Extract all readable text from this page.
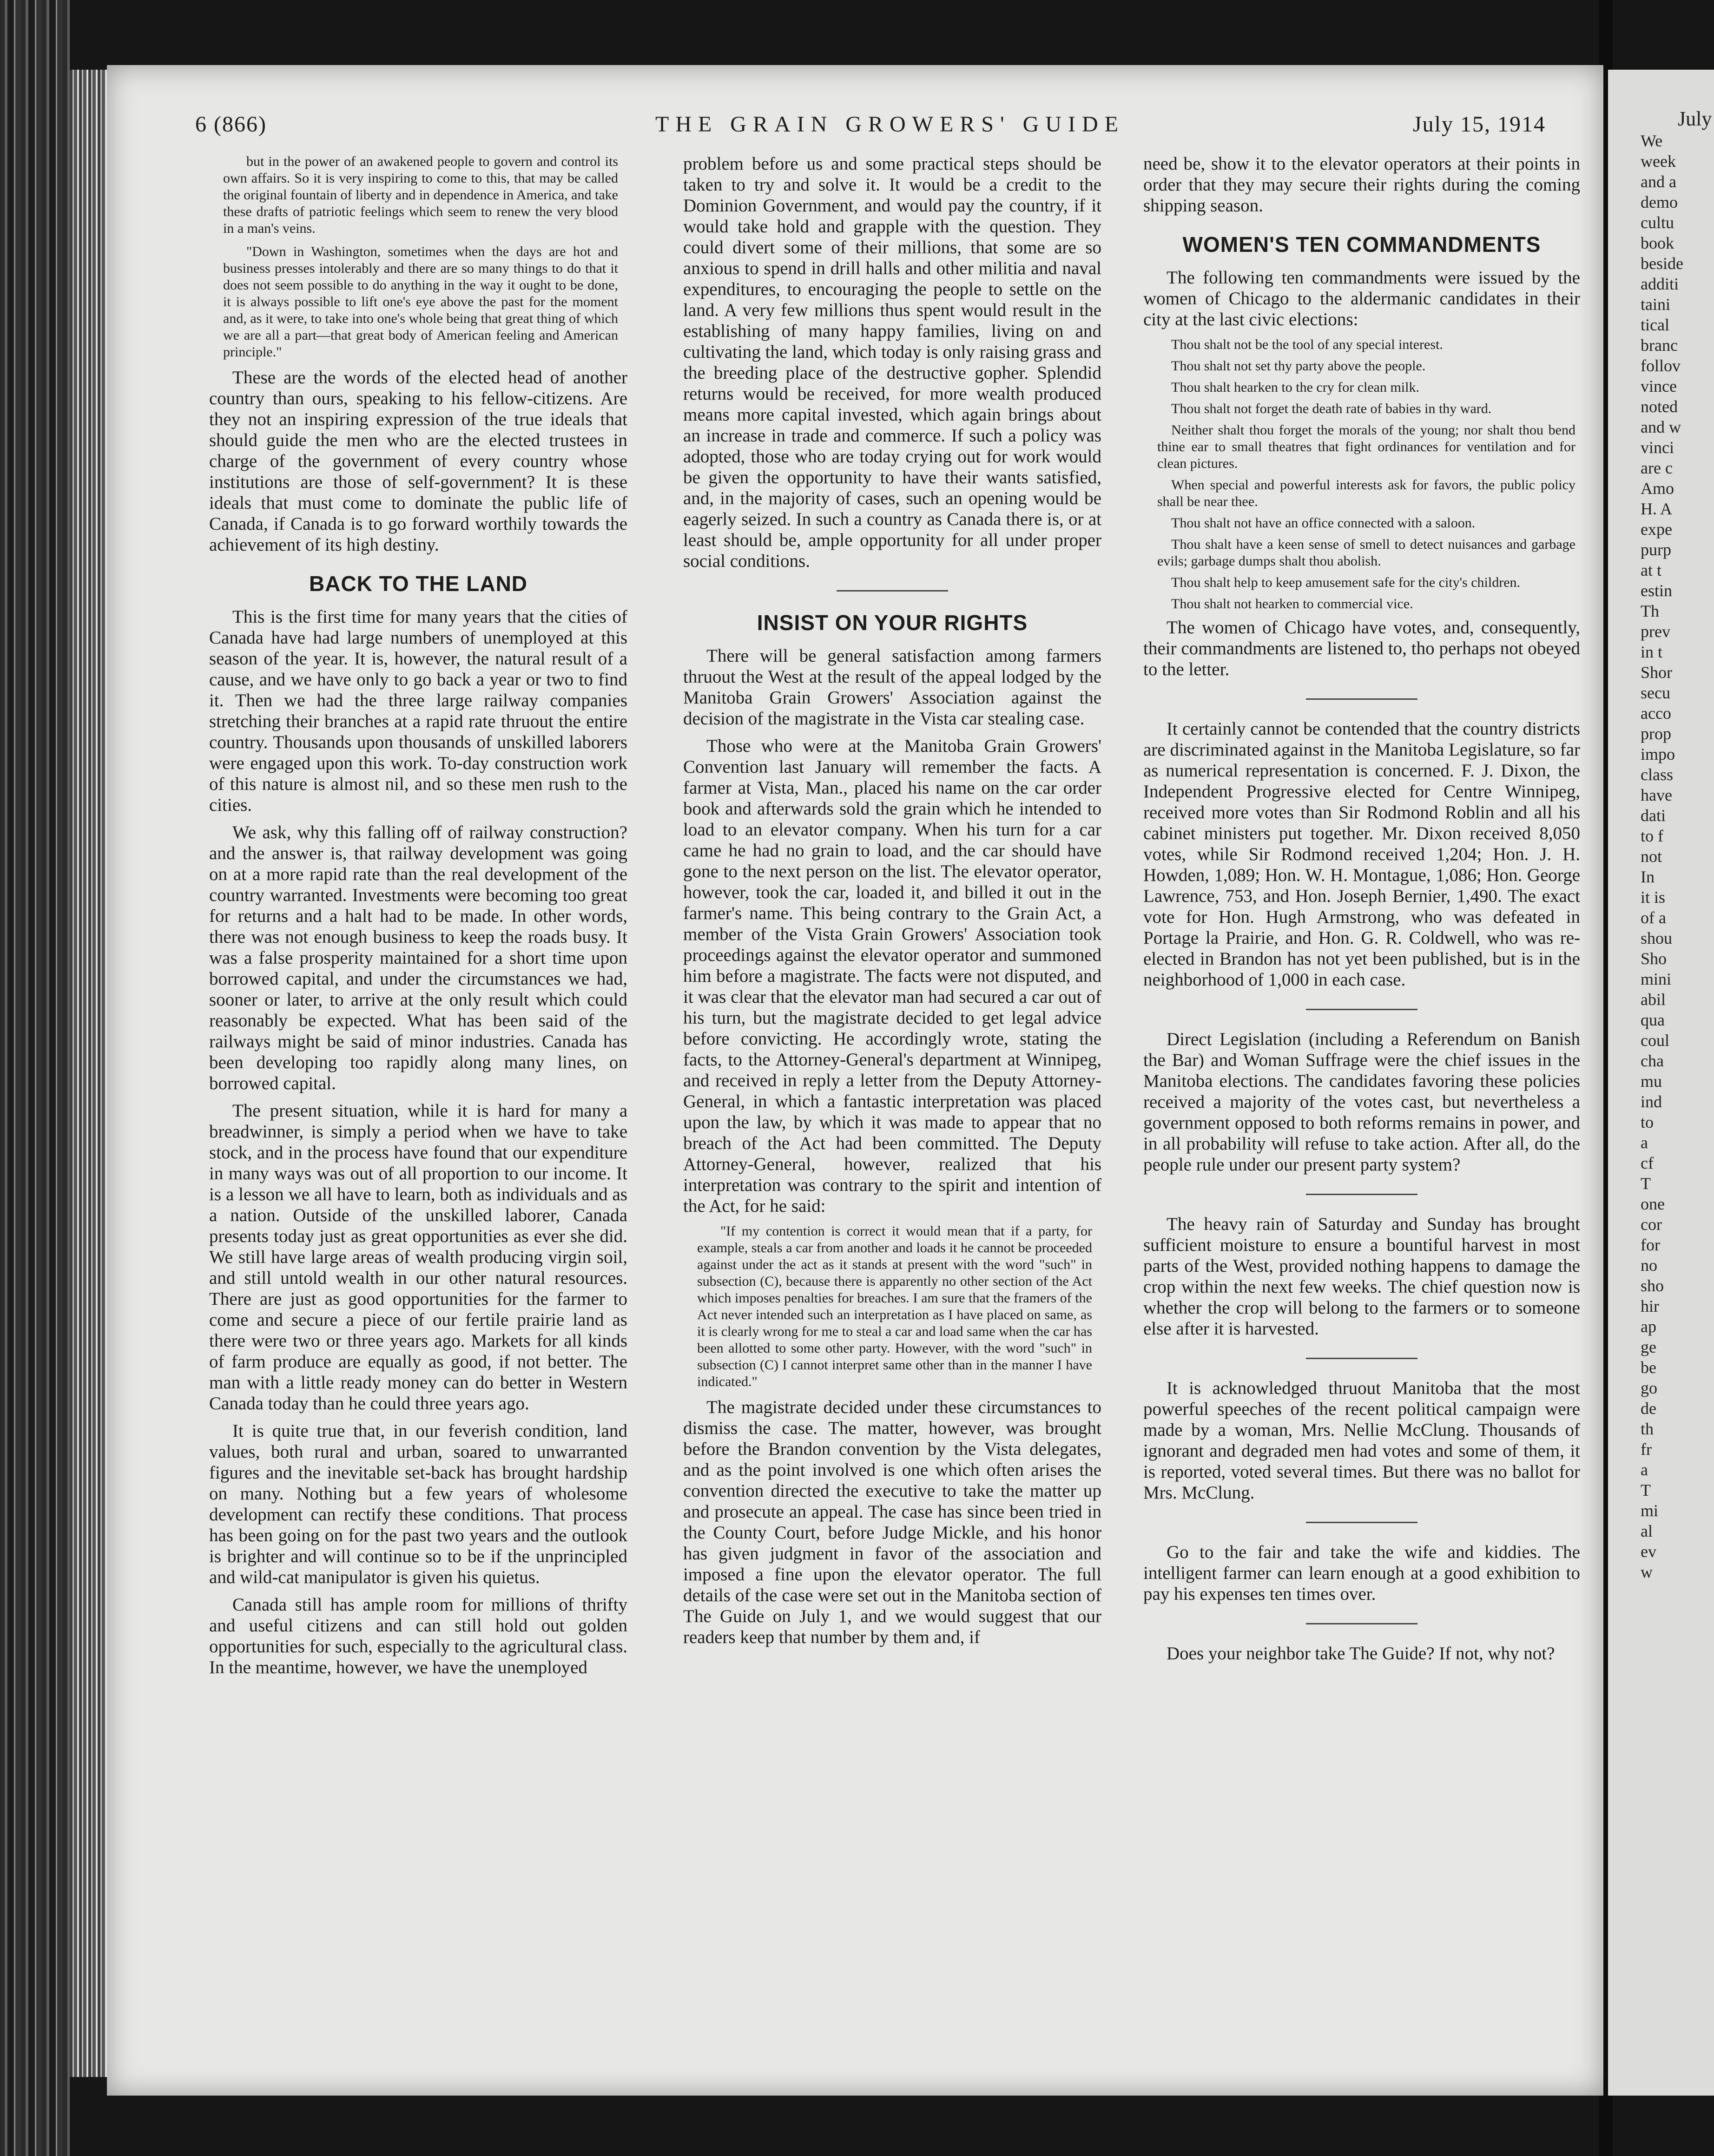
6 (866)	THE GRAIN GROWERS' GUIDE	July 15, 1914

but in the power of an awakened people to govern and control its own affairs. So it is very inspiring to come to this, that may be called the original fountain of liberty and in dependence in America, and take these drafts of patriotic feelings which seem to renew the very blood in a man's veins.

"Down in Washington, sometimes when the days are hot and business presses intolerably and there are so many things to do that it does not seem possible to do anything in the way it ought to be done, it is always possible to lift one's eye above the past for the moment and, as it were, to take into one's whole being that great thing of which we are all a part—that great body of American feeling and American principle."

These are the words of the elected head of another country than ours, speaking to his fellow-citizens. Are they not an inspiring expression of the true ideals that should guide the men who are the elected trustees in charge of the government of every country whose institutions are those of self-government? It is these ideals that must come to dominate the public life of Canada, if Canada is to go forward worthily towards the achievement of its high destiny.

BACK TO THE LAND

This is the first time for many years that the cities of Canada have had large numbers of unemployed at this season of the year. It is, however, the natural result of a cause, and we have only to go back a year or two to find it. Then we had the three large railway companies stretching their branches at a rapid rate thruout the entire country. Thousands upon thousands of unskilled laborers were engaged upon this work. To-day construction work of this nature is almost nil, and so these men rush to the cities.

We ask, why this falling off of railway construction? and the answer is, that railway development was going on at a more rapid rate than the real development of the country warranted. Investments were becoming too great for returns and a halt had to be made. In other words, there was not enough business to keep the roads busy. It was a false prosperity maintained for a short time upon borrowed capital, and under the circumstances we had, sooner or later, to arrive at the only result which could reasonably be expected. What has been said of the railways might be said of minor industries. Canada has been developing too rapidly along many lines, on borrowed capital.

The present situation, while it is hard for many a breadwinner, is simply a period when we have to take stock, and in the process have found that our expenditure in many ways was out of all proportion to our income. It is a lesson we all have to learn, both as individuals and as a nation. Outside of the unskilled laborer, Canada presents today just as great opportunities as ever she did. We still have large areas of wealth producing virgin soil, and still untold wealth in our other natural resources. There are just as good opportunities for the farmer to come and secure a piece of our fertile prairie land as there were two or three years ago. Markets for all kinds of farm produce are equally as good, if not better. The man with a little ready money can do better in Western Canada today than he could three years ago.

It is quite true that, in our feverish condition, land values, both rural and urban, soared to unwarranted figures and the inevitable set-back has brought hardship on many. Nothing but a few years of wholesome development can rectify these conditions. That process has been going on for the past two years and the outlook is brighter and will continue so to be if the unprincipled and wild-cat manipulator is given his quietus.

Canada still has ample room for millions of thrifty and useful citizens and can still hold out golden opportunities for such, especially to the agricultural class. In the meantime, however, we have the unemployed

problem before us and some practical steps should be taken to try and solve it. It would be a credit to the Dominion Government, and would pay the country, if it would take hold and grapple with the question. They could divert some of their millions, that some are so anxious to spend in drill halls and other militia and naval expenditures, to encouraging the people to settle on the land. A very few millions thus spent would result in the establishing of many happy families, living on and cultivating the land, which today is only raising grass and the breeding place of the destructive gopher. Splendid returns would be received, for more wealth produced means more capital invested, which again brings about an increase in trade and commerce. If such a policy was adopted, those who are today crying out for work would be given the opportunity to have their wants satisfied, and, in the majority of cases, such an opening would be eagerly seized. In such a country as Canada there is, or at least should be, ample opportunity for all under proper social conditions.

INSIST ON YOUR RIGHTS

There will be general satisfaction among farmers thruout the West at the result of the appeal lodged by the Manitoba Grain Growers' Association against the decision of the magistrate in the Vista car stealing case.

Those who were at the Manitoba Grain Growers' Convention last January will remember the facts. A farmer at Vista, Man., placed his name on the car order book and afterwards sold the grain which he intended to load to an elevator company. When his turn for a car came he had no grain to load, and the car should have gone to the next person on the list. The elevator operator, however, took the car, loaded it, and billed it out in the farmer's name. This being contrary to the Grain Act, a member of the Vista Grain Growers' Association took proceedings against the elevator operator and summoned him before a magistrate. The facts were not disputed, and it was clear that the elevator man had secured a car out of his turn, but the magistrate decided to get legal advice before convicting. He accordingly wrote, stating the facts, to the Attorney-General's department at Winnipeg, and received in reply a letter from the Deputy Attorney-General, in which a fantastic interpretation was placed upon the law, by which it was made to appear that no breach of the Act had been committed. The Deputy Attorney-General, however, realized that his interpretation was contrary to the spirit and intention of the Act, for he said:

"If my contention is correct it would mean that if a party, for example, steals a car from another and loads it he cannot be proceeded against under the act as it stands at present with the word "such" in subsection (C), because there is apparently no other section of the Act which imposes penalties for breaches. I am sure that the framers of the Act never intended such an interpretation as I have placed on same, as it is clearly wrong for me to steal a car and load same when the car has been allotted to some other party. However, with the word "such" in subsection (C) I cannot interpret same other than in the manner I have indicated."

The magistrate decided under these circumstances to dismiss the case. The matter, however, was brought before the Brandon convention by the Vista delegates, and as the point involved is one which often arises the convention directed the executive to take the matter up and prosecute an appeal. The case has since been tried in the County Court, before Judge Mickle, and his honor has given judgment in favor of the association and imposed a fine upon the elevator operator. The full details of the case were set out in the Manitoba section of The Guide on July 1, and we would suggest that our readers keep that number by them and, if

need be, show it to the elevator operators at their points in order that they may secure their rights during the coming shipping season.

WOMEN'S TEN COMMANDMENTS

The following ten commandments were issued by the women of Chicago to the aldermanic candidates in their city at the last civic elections:

Thou shalt not be the tool of any special interest.

Thou shalt not set thy party above the people.

Thou shalt hearken to the cry for clean milk.

Thou shalt not forget the death rate of babies in thy ward.

Neither shalt thou forget the morals of the young; nor shalt thou bend thine ear to small theatres that fight ordinances for ventilation and for clean pictures.

When special and powerful interests ask for favors, the public policy shall be near thee.

Thou shalt not have an office connected with a saloon.

Thou shalt have a keen sense of smell to detect nuisances and garbage evils; garbage dumps shalt thou abolish.

Thou shalt help to keep amusement safe for the city's children.

Thou shalt not hearken to commercial vice.

The women of Chicago have votes, and, consequently, their commandments are listened to, tho perhaps not obeyed to the letter.

It certainly cannot be contended that the country districts are discriminated against in the Manitoba Legislature, so far as numerical representation is concerned. F. J. Dixon, the Independent Progressive elected for Centre Winnipeg, received more votes than Sir Rodmond Roblin and all his cabinet ministers put together. Mr. Dixon received 8,050 votes, while Sir Rodmond received 1,204; Hon. J. H. Howden, 1,089; Hon. W. H. Montague, 1,086; Hon. George Lawrence, 753, and Hon. Joseph Bernier, 1,490. The exact vote for Hon. Hugh Armstrong, who was defeated in Portage la Prairie, and Hon. G. R. Coldwell, who was re-elected in Brandon has not yet been published, but is in the neighborhood of 1,000 in each case.

Direct Legislation (including a Referendum on Banish the Bar) and Woman Suffrage were the chief issues in the Manitoba elections. The candidates favoring these policies received a majority of the votes cast, but nevertheless a government opposed to both reforms remains in power, and in all probability will refuse to take action. After all, do the people rule under our present party system?

The heavy rain of Saturday and Sunday has brought sufficient moisture to ensure a bountiful harvest in most parts of the West, provided nothing happens to damage the crop within the next few weeks. The chief question now is whether the crop will belong to the farmers or to someone else after it is harvested.

It is acknowledged thruout Manitoba that the most powerful speeches of the recent political campaign were made by a woman, Mrs. Nellie McClung. Thousands of ignorant and degraded men had votes and some of them, it is reported, voted several times. But there was no ballot for Mrs. McClung.

Go to the fair and take the wife and kiddies. The intelligent farmer can learn enough at a good exhibition to pay his expenses ten times over.

Does your neighbor take The Guide? If not, why not?

July
We
week
and a
demo
cultu
book
beside
additi
taini
tical
branc
follov
vince
noted
and w
vinci
are c
Amo
H. A
expe
purp
at t
estin
Th
prev
in t
Shor
secu
acco
prop
impo
class
have
dati
to f
not
In
it is
of a
shou
Sho
mini
abil
qua
coul
cha
mu
ind
to
a
cf
T
one
cor
for
no
sho
hir
ap
ge
be
go
de
th
fr
a
T
mi
al
ev
w
